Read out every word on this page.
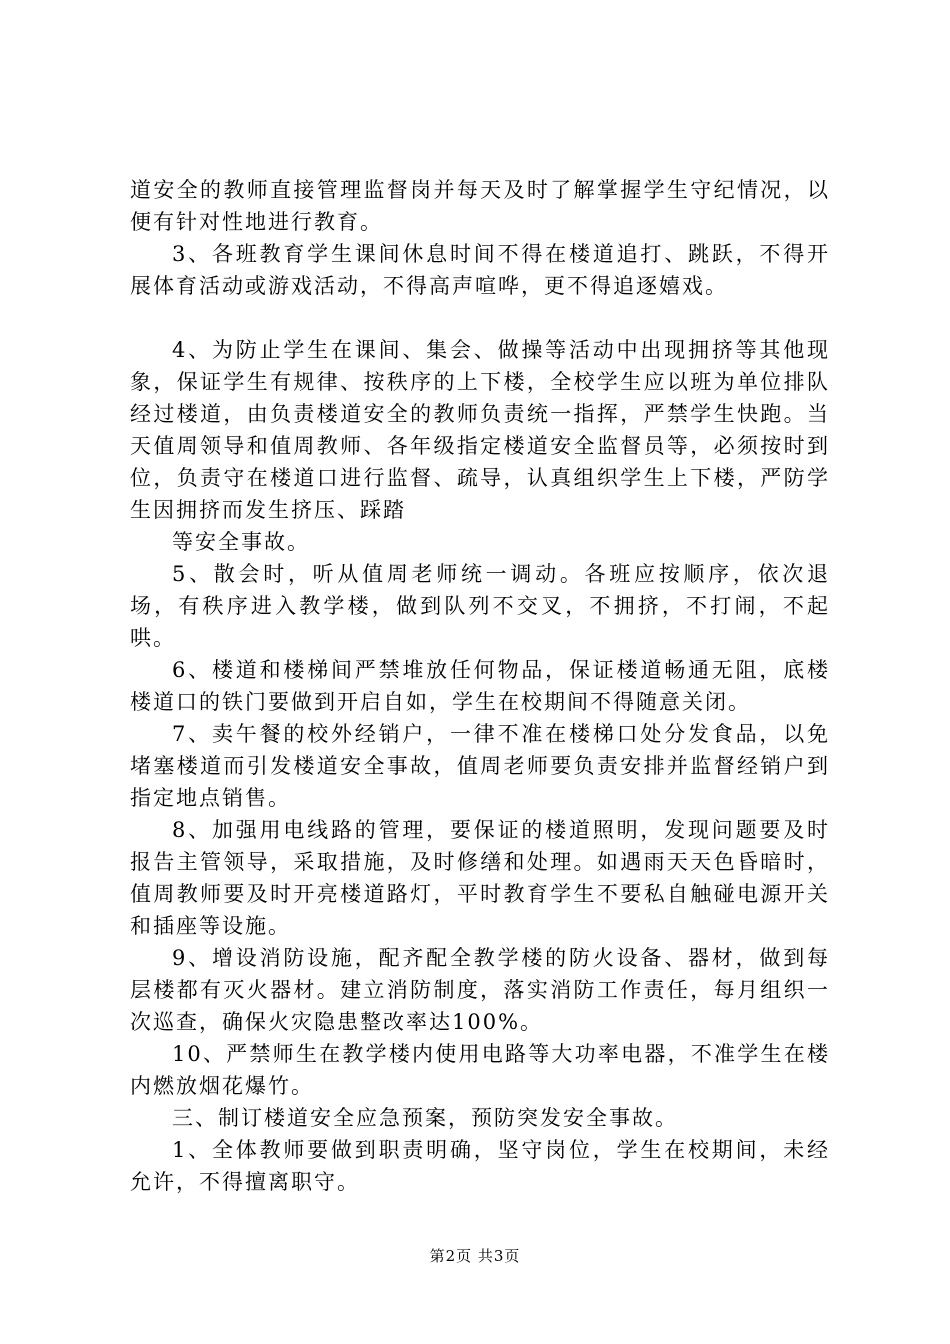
道安全的教师直接管理监督岗并每天及时了解掌握学生守纪情况，以便有针对性地进行教育。

3、各班教育学生课间休息时间不得在楼道追打、跳跃，不得开展体育活动或游戏活动，不得高声喧哗，更不得追逐嬉戏。

4、为防止学生在课间、集会、做操等活动中出现拥挤等其他现象，保证学生有规律、按秩序的上下楼，全校学生应以班为单位排队经过楼道，由负责楼道安全的教师负责统一指挥，严禁学生快跑。当天值周领导和值周教师、各年级指定楼道安全监督员等，必须按时到位，负责守在楼道口进行监督、疏导，认真组织学生上下楼，严防学生因拥挤而发生挤压、踩踏

等安全事故。

5、散会时，听从值周老师统一调动。各班应按顺序，依次退场，有秩序进入教学楼，做到队列不交叉，不拥挤，不打闹，不起哄。

6、楼道和楼梯间严禁堆放任何物品，保证楼道畅通无阻，底楼楼道口的铁门要做到开启自如，学生在校期间不得随意关闭。

7、卖午餐的校外经销户，一律不准在楼梯口处分发食品，以免堵塞楼道而引发楼道安全事故，值周老师要负责安排并监督经销户到指定地点销售。

8、加强用电线路的管理，要保证的楼道照明，发现问题要及时报告主管领导，采取措施，及时修缮和处理。如遇雨天天色昏暗时，值周教师要及时开亮楼道路灯，平时教育学生不要私自触碰电源开关和插座等设施。

9、增设消防设施，配齐配全教学楼的防火设备、器材，做到每层楼都有灭火器材。建立消防制度，落实消防工作责任，每月组织一次巡查，确保火灾隐患整改率达100%。

10、严禁师生在教学楼内使用电路等大功率电器，不准学生在楼内燃放烟花爆竹。

三、制订楼道安全应急预案，预防突发安全事故。

1、全体教师要做到职责明确，坚守岗位，学生在校期间，未经允许，不得擅离职守。

第2页 共3页
